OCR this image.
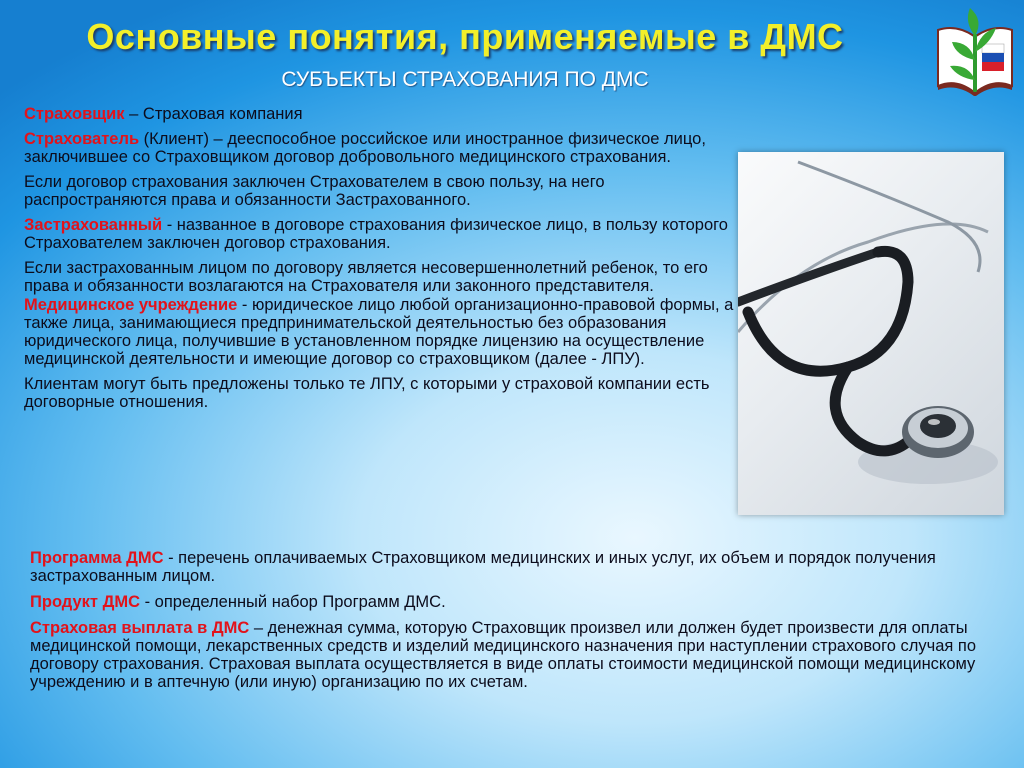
Основные понятия, применяемые в ДМС
СУБЪЕКТЫ СТРАХОВАНИЯ ПО ДМС

Страховщик – Страховая компания

Страхователь (Клиент) – дееспособное российское или иностранное физическое лицо, заключившее со Страховщиком договор добровольного медицинского страхования.

Если договор страхования заключен Страхователем в свою пользу, на него распространяются права и обязанности Застрахованного.

Застрахованный - названное в договоре страхования физическое лицо, в пользу которого Страхователем заключен договор страхования.

Если застрахованным лицом по договору является несовершеннолетний ребенок, то его права и обязанности возлагаются на Страхователя или законного представителя.

Медицинское учреждение - юридическое лицо любой организационно-правовой формы, а также лица, занимающиеся предпринимательской деятельностью без образования юридического лица, получившие в установленном порядке лицензию на осуществление медицинской деятельности и имеющие договор со страховщиком (далее - ЛПУ).

Клиентам могут быть предложены только те ЛПУ, с которыми у страховой компании есть договорные отношения.

Программа ДМС - перечень оплачиваемых Страховщиком медицинских и иных услуг, их объем и порядок получения застрахованным лицом.

Продукт ДМС - определенный набор Программ ДМС.

Страховая выплата в ДМС – денежная сумма, которую Страховщик произвел или должен будет произвести для оплаты медицинской помощи, лекарственных средств и изделий медицинского назначения при наступлении страхового случая по договору страхования. Страховая выплата осуществляется в виде оплаты стоимости медицинской помощи медицинскому учреждению и в аптечную (или иную) организацию по их счетам.
